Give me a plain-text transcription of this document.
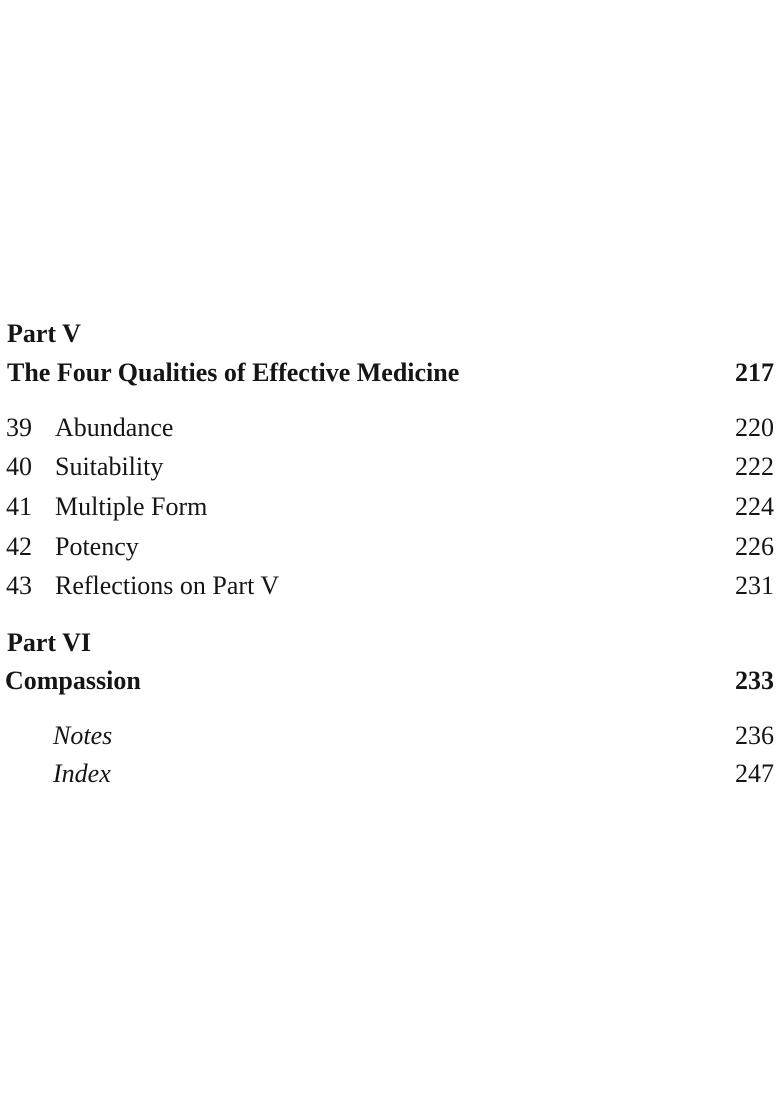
Part V
The Four Qualities of Effective Medicine	217
39 Abundance	220
40 Suitability	222
41 Multiple Form	224
42 Potency	226
43 Reflections on Part V	231
Part VI
Compassion	233
Notes	236
Index	247
